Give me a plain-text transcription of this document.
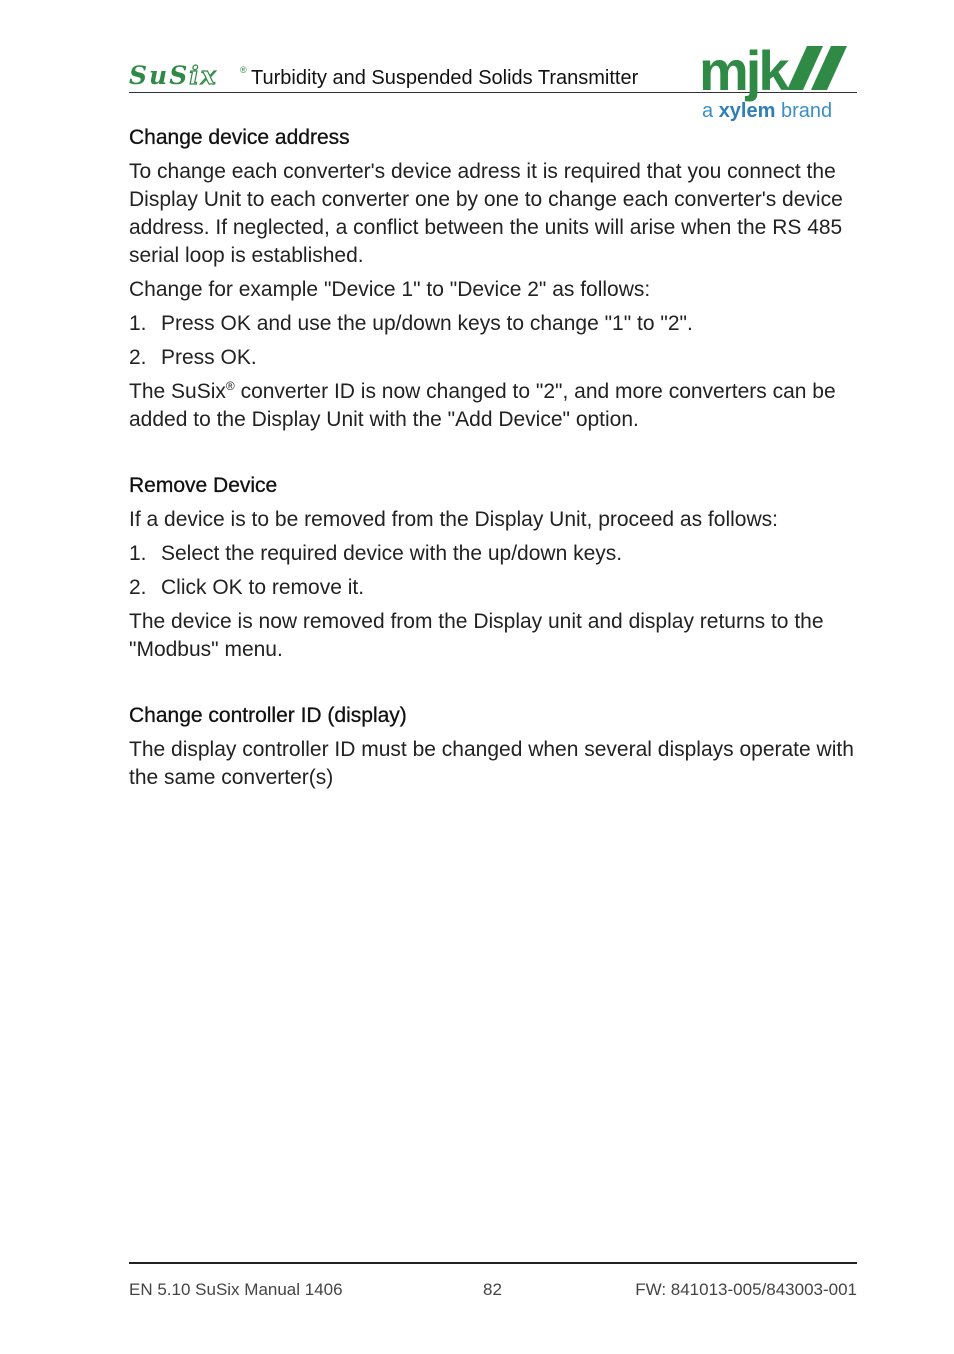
SuSix ® Turbidity and Suspended Solids Transmitter mjk
a xylem brand
Change device address

To change each converter's device adress it is required that you connect the Display Unit to each converter one by one to change each converter's device address. If neglected, a conflict between the units will arise when the RS 485 serial loop is established.

Change for example "Device 1" to "Device 2" as follows:

1. Press OK and use the up/down keys to change "1" to "2".
2. Press OK.

The SuSix® converter ID is now changed to "2", and more converters can be added to the Display Unit with the "Add Device" option.

Remove Device

If a device is to be removed from the Display Unit, proceed as follows:

1. Select the required device with the up/down keys.
2. Click OK to remove it.

The device is now removed from the Display unit and display returns to the "Modbus" menu.

Change controller ID (display)

The display controller ID must be changed when several displays operate with the same converter(s)

EN 5.10 SuSix Manual 1406	82	FW: 841013-005/843003-001
